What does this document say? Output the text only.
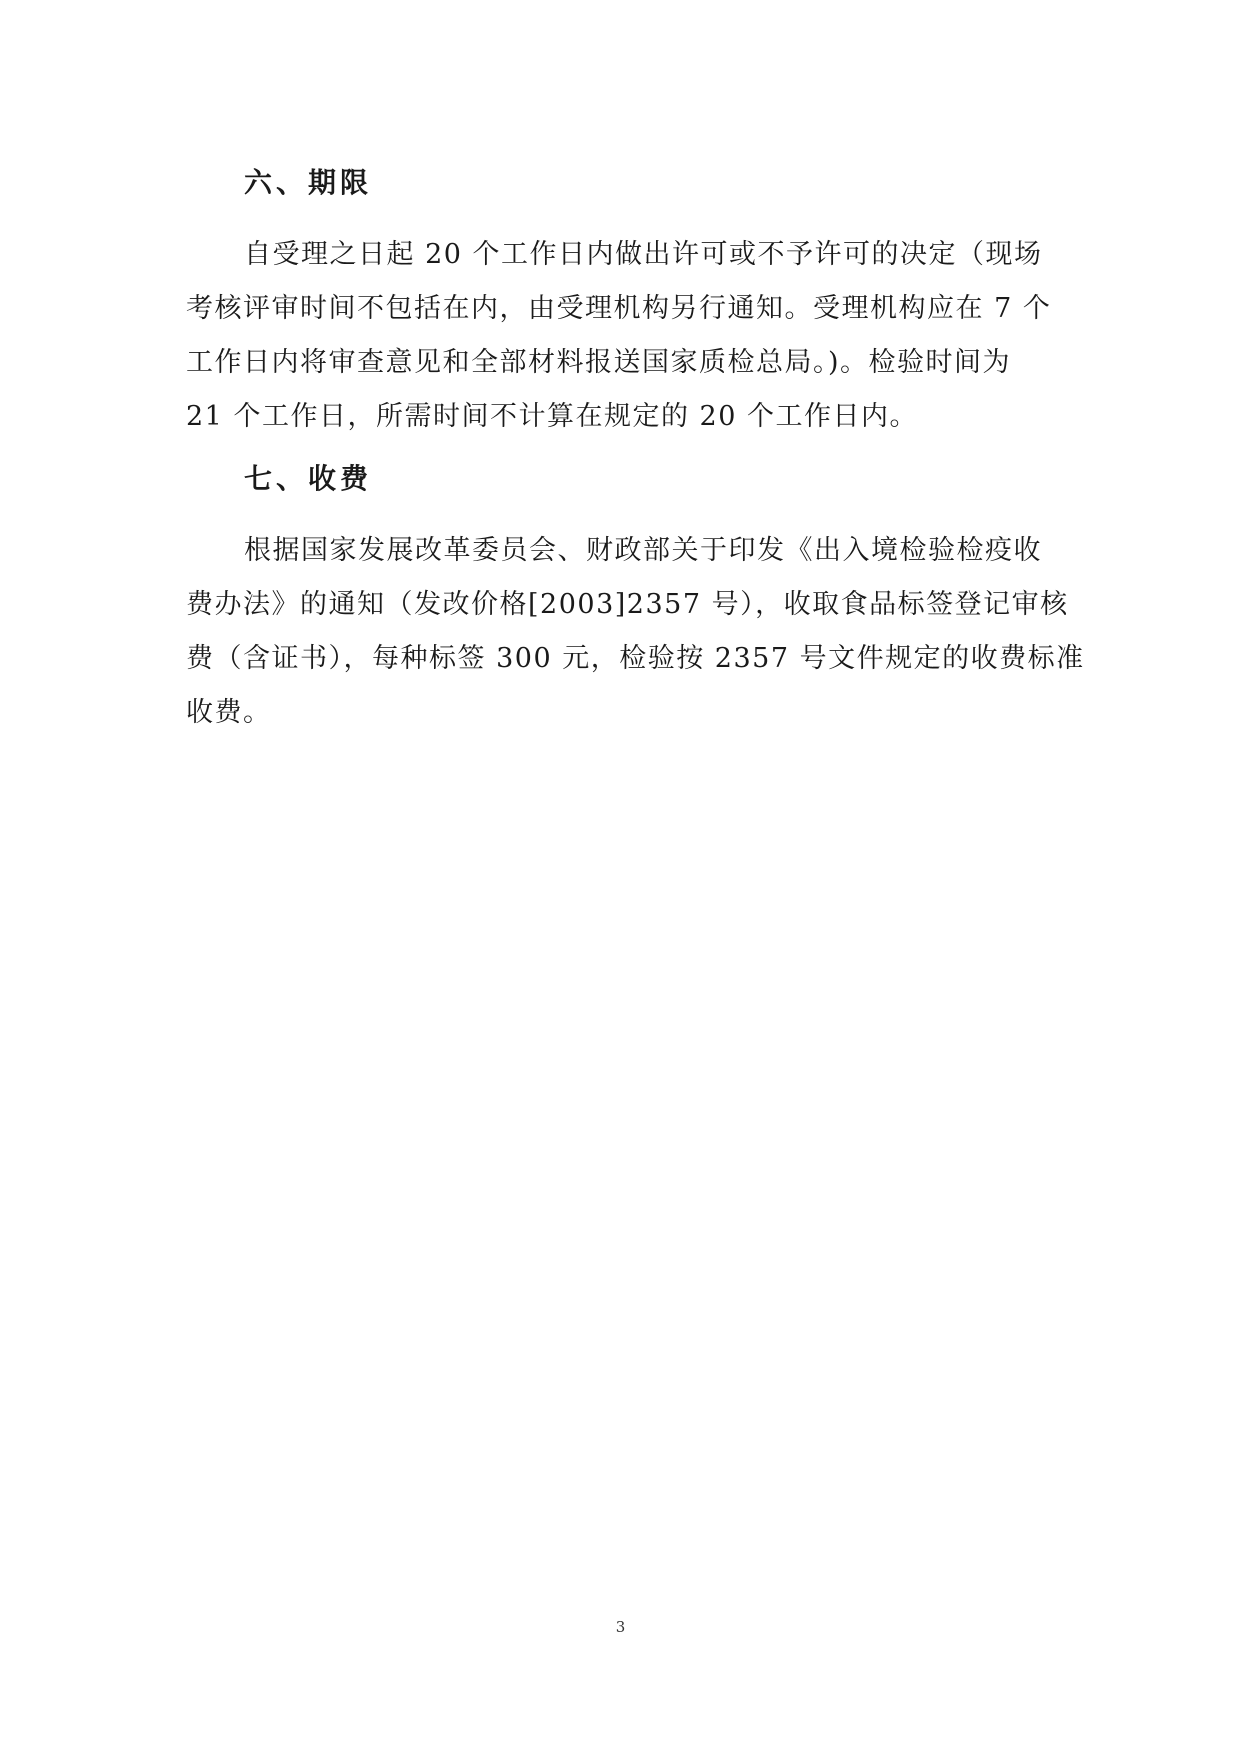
六、期限
自受理之日起 20 个工作日内做出许可或不予许可的决定（现场
考核评审时间不包括在内，由受理机构另行通知。受理机构应在 7 个
工作日内将审查意见和全部材料报送国家质检总局。)。检验时间为
21 个工作日，所需时间不计算在规定的 20 个工作日内。
七、收费
根据国家发展改革委员会、财政部关于印发《出入境检验检疫收
费办法》的通知（发改价格[2003]2357 号），收取食品标签登记审核
费（含证书），每种标签 300 元，检验按 2357 号文件规定的收费标准
收费。
3
